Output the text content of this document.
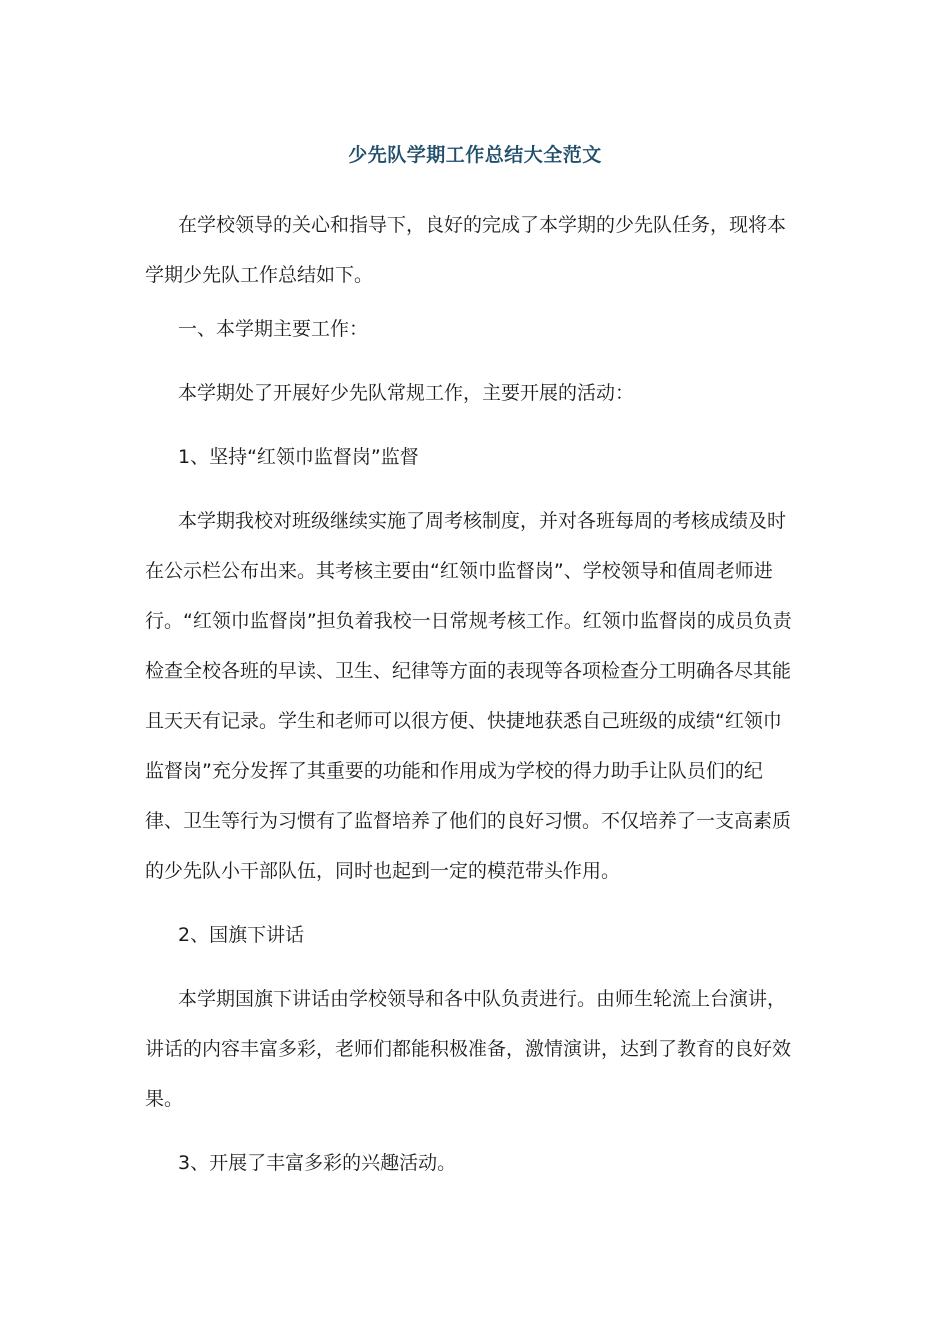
少先队学期工作总结大全范文

在学校领导的关心和指导下，良好的完成了本学期的少先队任务，现将本学期少先队工作总结如下。

一、本学期主要工作：

本学期处了开展好少先队常规工作，主要开展的活动：

1、坚持“红领巾监督岗”监督

本学期我校对班级继续实施了周考核制度，并对各班每周的考核成绩及时在公示栏公布出来。其考核主要由“红领巾监督岗”、学校领导和值周老师进行。“红领巾监督岗”担负着我校一日常规考核工作。红领巾监督岗的成员负责检查全校各班的早读、卫生、纪律等方面的表现等各项检查分工明确各尽其能且天天有记录。学生和老师可以很方便、快捷地获悉自己班级的成绩“红领巾监督岗”充分发挥了其重要的功能和作用成为学校的得力助手让队员们的纪律、卫生等行为习惯有了监督培养了他们的良好习惯。不仅培养了一支高素质的少先队小干部队伍，同时也起到一定的模范带头作用。

2、国旗下讲话

本学期国旗下讲话由学校领导和各中队负责进行。由师生轮流上台演讲，讲话的内容丰富多彩，老师们都能积极准备，激情演讲，达到了教育的良好效果。

3、开展了丰富多彩的兴趣活动。
